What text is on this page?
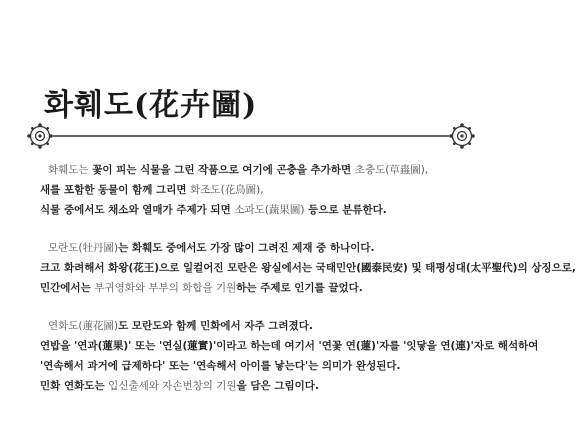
화훼도(花卉圖)
화훼도는 꽃이 피는 식물을 그린 작품으로 여기에 곤충을 추가하면 초충도(草蟲圖),
새를 포함한 동물이 함께 그리면 화조도(花鳥圖),
식물 중에서도 채소와 열매가 주제가 되면 소과도(蔬果圖) 등으로 분류한다.
모란도(牡丹圖)는 화훼도 중에서도 가장 많이 그려진 제재 중 하나이다.
크고 화려해서 화왕(花王)으로 일컬어진 모란은 왕실에서는 국태민안(國泰民安) 및 태평성대(太平聖代)의 상징으로,
민간에서는 부귀영화와 부부의 화합을 기원하는 주제로 인기를 끌었다.
연화도(蓮花圖)도 모란도와 함께 민화에서 자주 그려졌다.
연밥을 '연과(蓮果)' 또는 '연실(蓮實)'이라고 하는데 여기서 '연꽃 연(蓮)'자를 '잇닿을 연(連)'자로 해석하여
'연속해서 과거에 급제하다' 또는 '연속해서 아이를 낳는다'는 의미가 완성된다.
민화 연화도는 입신출세와 자손번창의 기원을 담은 그림이다.
